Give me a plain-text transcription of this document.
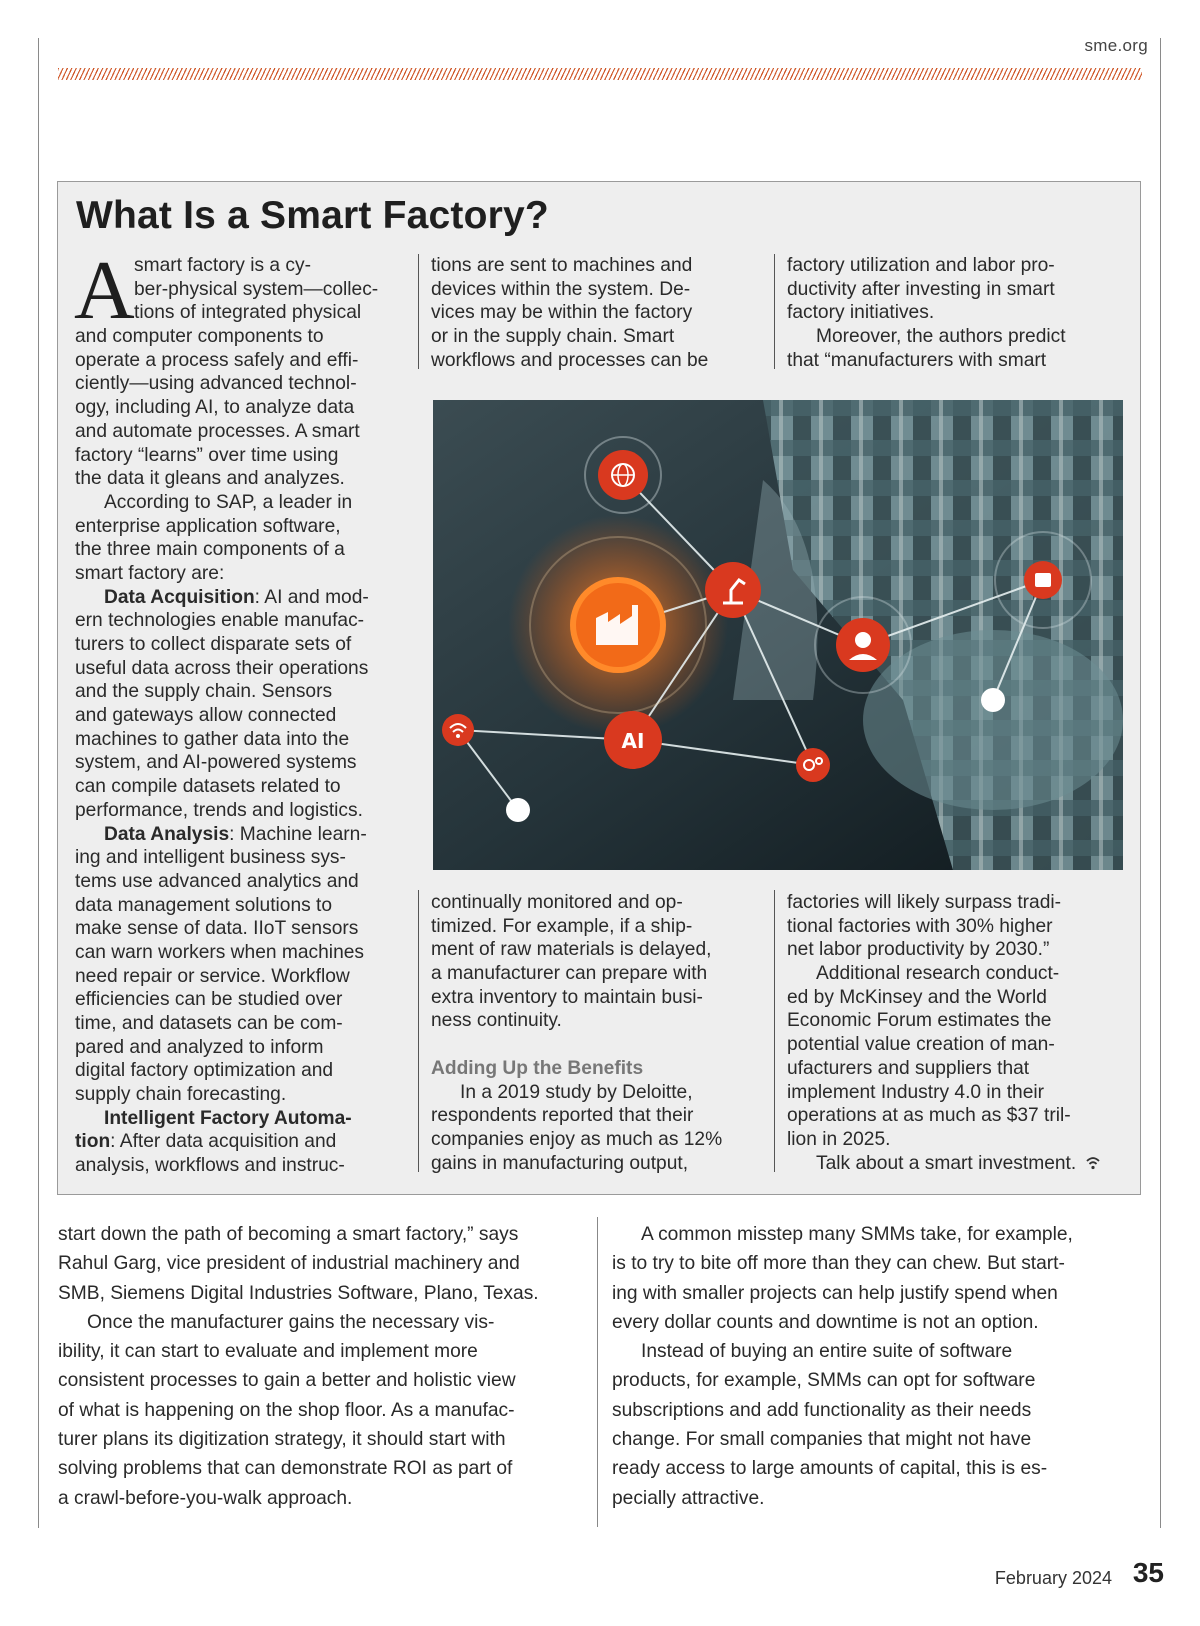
sme.org
What Is a Smart Factory?
A smart factory is a cy-
ber-physical system—collec-
tions of integrated physical
and computer components to
operate a process safely and effi-
ciently—using advanced technol-
ogy, including AI, to analyze data
and automate processes. A smart
factory “learns” over time using
the data it gleans and analyzes.
According to SAP, a leader in
enterprise application software,
the three main components of a
smart factory are:
Data Acquisition: AI and mod-
ern technologies enable manufac-
turers to collect disparate sets of
useful data across their operations
and the supply chain. Sensors
and gateways allow connected
machines to gather data into the
system, and AI-powered systems
can compile datasets related to
performance, trends and logistics.
Data Analysis: Machine learn-
ing and intelligent business sys-
tems use advanced analytics and
data management solutions to
make sense of data. IIoT sensors
can warn workers when machines
need repair or service. Workflow
efficiencies can be studied over
time, and datasets can be com-
pared and analyzed to inform
digital factory optimization and
supply chain forecasting.
Intelligent Factory Automa-
tion: After data acquisition and
analysis, workflows and instruc-
tions are sent to machines and
devices within the system. De-
vices may be within the factory
or in the supply chain. Smart
workflows and processes can be
factory utilization and labor pro-
ductivity after investing in smart
factory initiatives.
Moreover, the authors predict
that “manufacturers with smart
AI
continually monitored and op-
timized. For example, if a ship-
ment of raw materials is delayed,
a manufacturer can prepare with
extra inventory to maintain busi-
ness continuity.
Adding Up the Benefits
In a 2019 study by Deloitte,
respondents reported that their
companies enjoy as much as 12%
gains in manufacturing output,
factories will likely surpass tradi-
tional factories with 30% higher
net labor productivity by 2030.”
Additional research conduct-
ed by McKinsey and the World
Economic Forum estimates the
potential value creation of man-
ufacturers and suppliers that
implement Industry 4.0 in their
operations at as much as $37 tril-
lion in 2025.
Talk about a smart investment.
start down the path of becoming a smart factory,” says
Rahul Garg, vice president of industrial machinery and
SMB, Siemens Digital Industries Software, Plano, Texas.
Once the manufacturer gains the necessary vis-
ibility, it can start to evaluate and implement more
consistent processes to gain a better and holistic view
of what is happening on the shop floor. As a manufac-
turer plans its digitization strategy, it should start with
solving problems that can demonstrate ROI as part of
a crawl-before-you-walk approach.
A common misstep many SMMs take, for example,
is to try to bite off more than they can chew. But start-
ing with smaller projects can help justify spend when
every dollar counts and downtime is not an option.
Instead of buying an entire suite of software
products, for example, SMMs can opt for software
subscriptions and add functionality as their needs
change. For small companies that might not have
ready access to large amounts of capital, this is es-
pecially attractive.
February 2024 35
